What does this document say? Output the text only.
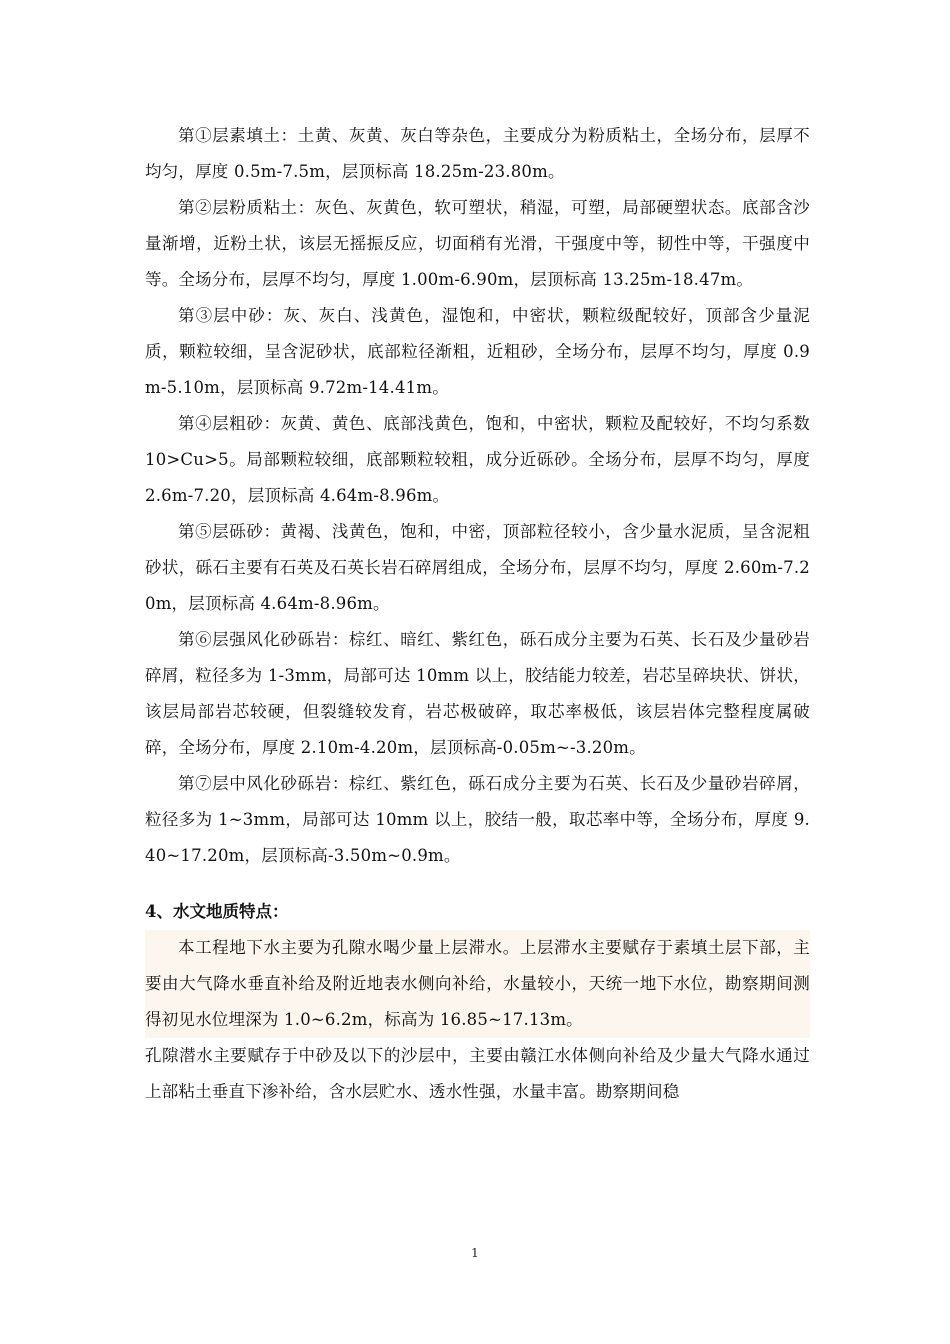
第①层素填土：土黄、灰黄、灰白等杂色，主要成分为粉质粘土，全场分布，层厚不均匀，厚度 0.5m-7.5m，层顶标高 18.25m-23.80m。

第②层粉质粘土：灰色、灰黄色，软可塑状，稍湿，可塑，局部硬塑状态。底部含沙量渐增，近粉土状，该层无摇振反应，切面稍有光滑，干强度中等，韧性中等，干强度中等。全场分布，层厚不均匀，厚度 1.00m-6.90m，层顶标高 13.25m-18.47m。

第③层中砂：灰、灰白、浅黄色，湿饱和，中密状，颗粒级配较好，顶部含少量泥质，颗粒较细，呈含泥砂状，底部粒径渐粗，近粗砂，全场分布，层厚不均匀，厚度 0.9m-5.10m，层顶标高 9.72m-14.41m。

第④层粗砂：灰黄、黄色、底部浅黄色，饱和，中密状，颗粒及配较好，不均匀系数 10>Cu>5。局部颗粒较细，底部颗粒较粗，成分近砾砂。全场分布，层厚不均匀，厚度 2.6m-7.20，层顶标高 4.64m-8.96m。

第⑤层砾砂：黄褐、浅黄色，饱和，中密，顶部粒径较小，含少量水泥质，呈含泥粗砂状，砾石主要有石英及石英长岩石碎屑组成，全场分布，层厚不均匀，厚度 2.60m-7.20m，层顶标高 4.64m-8.96m。

第⑥层强风化砂砾岩：棕红、暗红、紫红色，砾石成分主要为石英、长石及少量砂岩碎屑，粒径多为 1-3mm，局部可达 10mm 以上，胶结能力较差，岩芯呈碎块状、饼状，该层局部岩芯较硬，但裂缝较发育，岩芯极破碎，取芯率极低，该层岩体完整程度属破碎，全场分布，厚度 2.10m-4.20m，层顶标高-0.05m~-3.20m。

第⑦层中风化砂砾岩：棕红、紫红色，砾石成分主要为石英、长石及少量砂岩碎屑，粒径多为 1~3mm，局部可达 10mm 以上，胶结一般，取芯率中等，全场分布，厚度 9.40~17.20m，层顶标高-3.50m~0.9m。

4、水文地质特点：

本工程地下水主要为孔隙水喝少量上层滞水。上层滞水主要赋存于素填土层下部，主要由大气降水垂直补给及附近地表水侧向补给，水量较小，天统一地下水位，勘察期间测得初见水位埋深为 1.0~6.2m，标高为 16.85~17.13m。

孔隙潜水主要赋存于中砂及以下的沙层中，主要由赣江水体侧向补给及少量大气降水通过上部粘土垂直下渗补给，含水层贮水、透水性强，水量丰富。勘察期间稳

1
